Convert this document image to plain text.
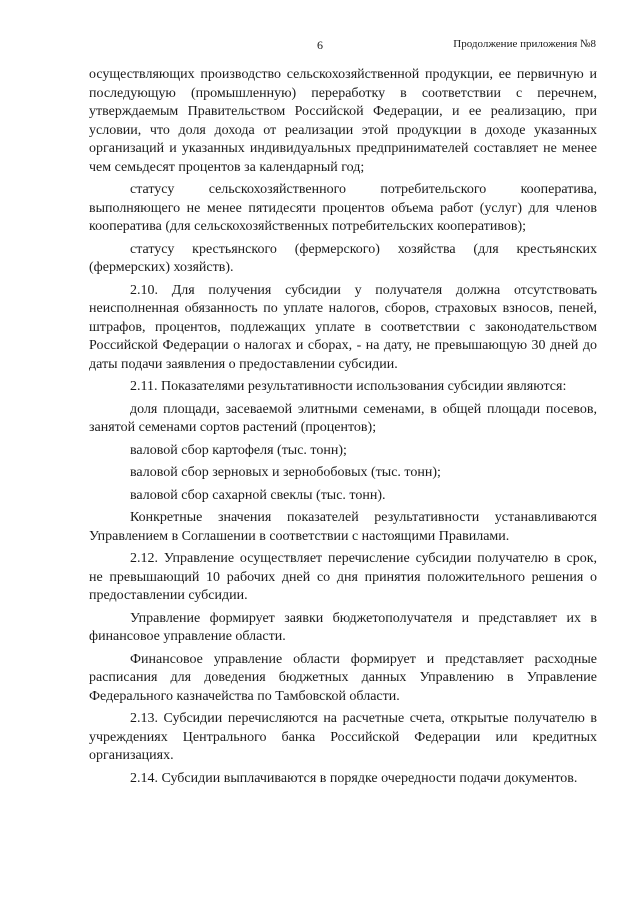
6	Продолжение приложения №8

осуществляющих производство сельскохозяйственной продукции, ее первичную и последующую (промышленную) переработку в соответствии с перечнем, утверждаемым Правительством Российской Федерации, и ее реализацию, при условии, что доля дохода от реализации этой продукции в доходе указанных организаций и указанных индивидуальных предпринимателей составляет не менее чем семьдесят процентов за календарный год;

статусу сельскохозяйственного потребительского кооператива, выполняющего не менее пятидесяти процентов объема работ (услуг) для членов кооператива (для сельскохозяйственных потребительских кооперативов);

статусу крестьянского (фермерского) хозяйства (для крестьянских (фермерских) хозяйств).

2.10. Для получения субсидии у получателя должна отсутствовать неисполненная обязанность по уплате налогов, сборов, страховых взносов, пеней, штрафов, процентов, подлежащих уплате в соответствии с законодательством Российской Федерации о налогах и сборах, - на дату, не превышающую 30 дней до даты подачи заявления о предоставлении субсидии.

2.11. Показателями результативности использования субсидии являются:

доля площади, засеваемой элитными семенами, в общей площади посевов, занятой семенами сортов растений (процентов);

валовой сбор картофеля (тыс. тонн);

валовой сбор зерновых и зернобобовых (тыс. тонн);

валовой сбор сахарной свеклы (тыс. тонн).

Конкретные значения показателей результативности устанавливаются Управлением в Соглашении в соответствии с настоящими Правилами.

2.12. Управление осуществляет перечисление субсидии получателю в срок, не превышающий 10 рабочих дней со дня принятия положительного решения о предоставлении субсидии.

Управление формирует заявки бюджетополучателя и представляет их в финансовое управление области.

Финансовое управление области формирует и представляет расходные расписания для доведения бюджетных данных Управлению в Управление Федерального казначейства по Тамбовской области.

2.13. Субсидии перечисляются на расчетные счета, открытые получателю в учреждениях Центрального банка Российской Федерации или кредитных организациях.

2.14. Субсидии выплачиваются в порядке очередности подачи документов.
